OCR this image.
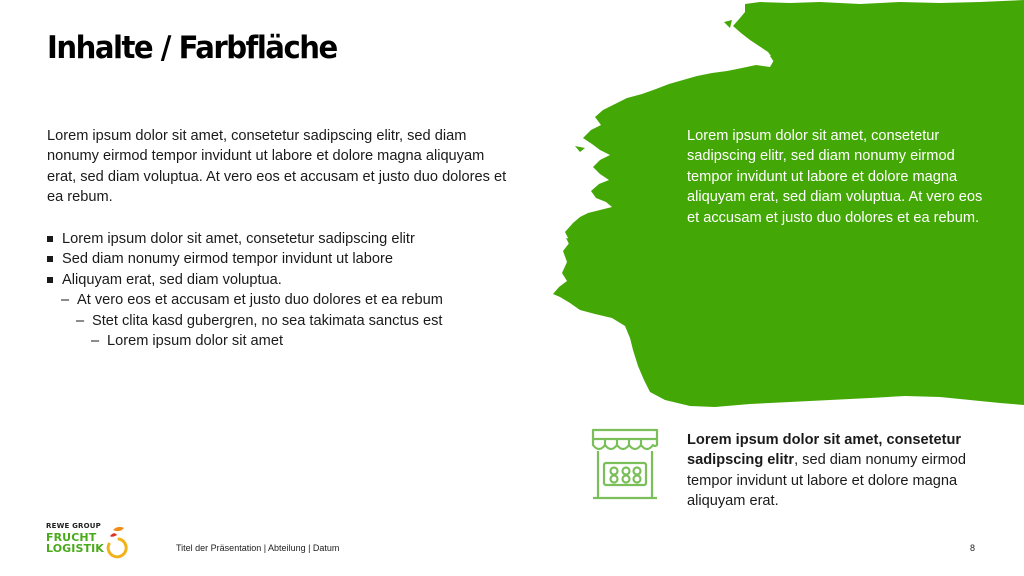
Inhalte / Farbfläche

Lorem ipsum dolor sit amet, consetetur sadipscing elitr, sed diam nonumy eirmod tempor invidunt ut labore et dolore magna aliquyam erat, sed diam voluptua. At vero eos et accusam et justo duo dolores et ea rebum.

Lorem ipsum dolor sit amet, consetetur sadipscing elitr
Sed diam nonumy eirmod tempor invidunt ut labore
Aliquyam erat, sed diam voluptua.
– At vero eos et accusam et justo duo dolores et ea rebum
– Stet clita kasd gubergren, no sea takimata sanctus est
– Lorem ipsum dolor sit amet

Lorem ipsum dolor sit amet, consetetur sadipscing elitr, sed diam nonumy eirmod tempor invidunt ut labore et dolore magna aliquyam erat, sed diam voluptua. At vero eos et accusam et justo duo dolores et ea rebum.

Lorem ipsum dolor sit amet, consetetur sadipscing elitr, sed diam nonumy eirmod tempor invidunt ut labore et dolore magna aliquyam erat.

REWE GROUP
FRUCHT
LOGISTIK	Titel der Präsentation | Abteilung | Datum	8
